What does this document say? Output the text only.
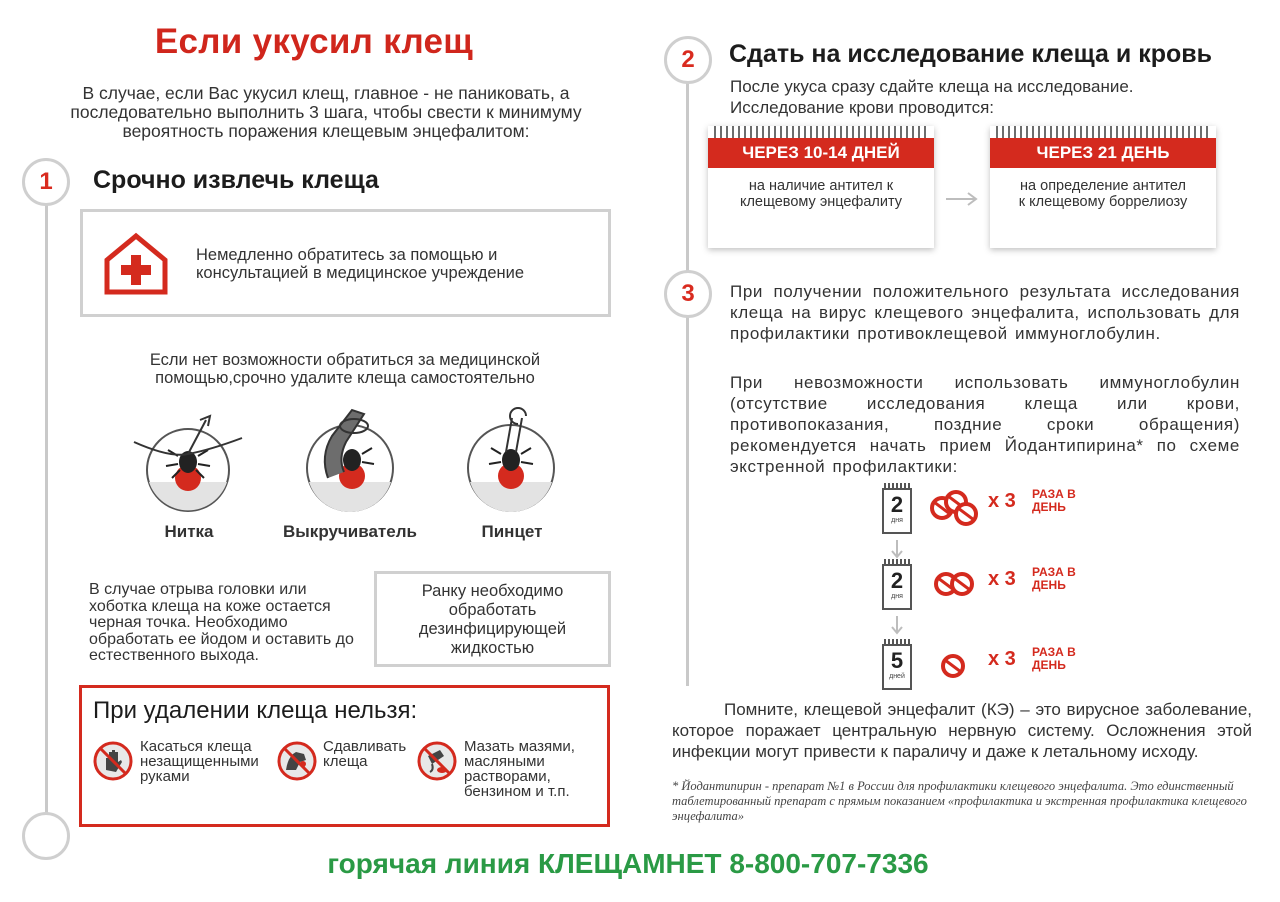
Если укусил клещ
В случае, если Вас укусил клещ, главное - не паниковать, а последовательно выполнить 3 шага, чтобы свести к минимуму вероятность поражения клещевым энцефалитом:
1	Срочно извлечь клеща
Немедленно обратитесь за помощью и консультацией в медицинское учреждение
Если нет возможности обратиться за медицинской помощью,срочно удалите клеща самостоятельно
Нитка	Выкручиватель	Пинцет
В случае отрыва головки или хоботка клеща на коже остается черная точка. Необходимо обработать ее йодом и оставить до естественного выхода.
Ранку необходимо обработать дезинфицирующей жидкостью
При удалении клеща нельзя:
Касаться клеща незащищенными руками
Сдавливать клеща
Мазать мазями, масляными растворами, бензином и т.п.
2
3
Сдать на исследование клеща и кровь
После укуса сразу сдайте клеща на исследование.
Исследование крови проводится:
ЧЕРЕЗ 10-14 ДНЕЙ
на наличие антител к клещевому энцефалиту
ЧЕРЕЗ 21 ДЕНЬ
на определение антител к клещевому боррелиозу
При получении положительного результата исследования клеща на вирус клещевого энцефалита, использовать для профилактики противоклещевой иммуноглобулин.
При невозможности использовать иммуноглобулин (отсутствие исследования клеща или крови, противопоказания, поздние сроки обращения) рекомендуется начать прием Йодантипирина* по схеме экстренной профилактики:
2
дня
х 3 РАЗА В ДЕНЬ
2
дня
х 3 РАЗА В ДЕНЬ
5
дней
х 3 РАЗА В ДЕНЬ
Помните, клещевой энцефалит (КЭ) – это вирусное заболевание, которое поражает центральную нервную систему. Осложнения этой инфекции могут привести к параличу и даже к летальному исходу.
* Йодантипирин - препарат №1 в России для профилактики клещевого энцефалита. Это единственный таблетированный препарат с прямым показанием «профилактика и экстренная профилактика клещевого энцефалита»
горячая линия КЛЕЩАМНЕТ 8-800-707-7336
